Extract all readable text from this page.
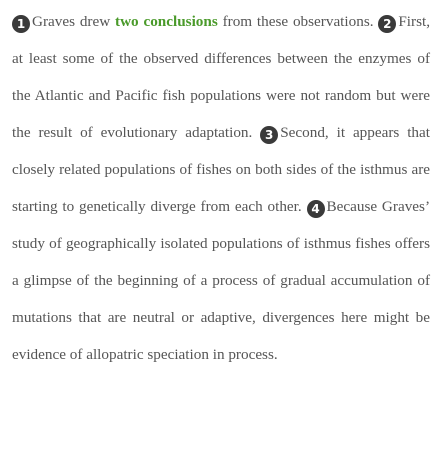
1 Graves drew two conclusions from these observations. 2 First, at least some of the observed differences between the enzymes of the Atlantic and Pacific fish populations were not random but were the result of evolutionary adaptation. 3 Second, it appears that closely related populations of fishes on both sides of the isthmus are starting to genetically diverge from each other. 4 Because Graves’ study of geographically isolated populations of isthmus fishes offers a glimpse of the beginning of a process of gradual accumulation of mutations that are neutral or adaptive, divergences here might be evidence of allopatric speciation in process.
